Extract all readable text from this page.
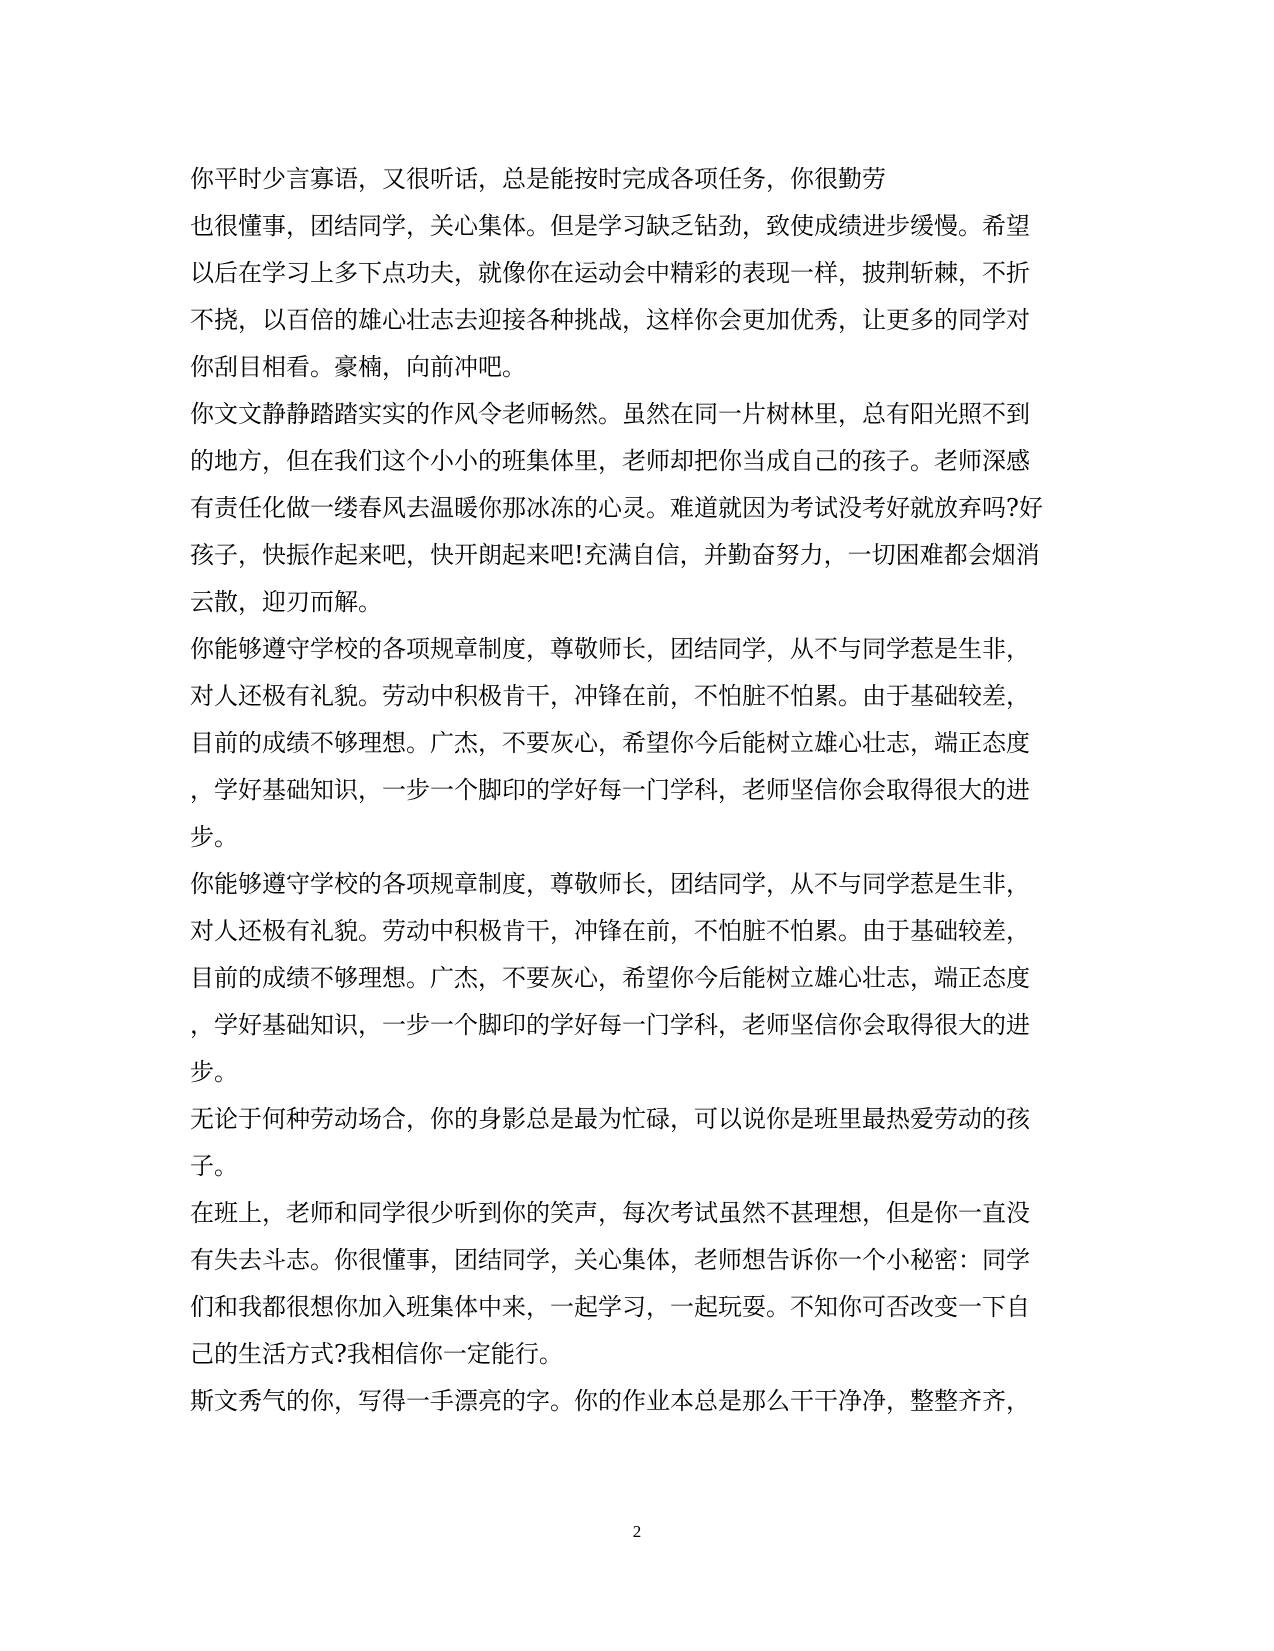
你平时少言寡语，又很听话，总是能按时完成各项任务，你很勤劳
也很懂事，团结同学，关心集体。但是学习缺乏钻劲，致使成绩进步缓慢。希望
以后在学习上多下点功夫，就像你在运动会中精彩的表现一样，披荆斩棘，不折
不挠，以百倍的雄心壮志去迎接各种挑战，这样你会更加优秀，让更多的同学对
你刮目相看。豪楠，向前冲吧。
你文文静静踏踏实实的作风令老师畅然。虽然在同一片树林里，总有阳光照不到
的地方，但在我们这个小小的班集体里，老师却把你当成自己的孩子。老师深感
有责任化做一缕春风去温暖你那冰冻的心灵。难道就因为考试没考好就放弃吗?好
孩子，快振作起来吧，快开朗起来吧!充满自信，并勤奋努力，一切困难都会烟消
云散，迎刃而解。
你能够遵守学校的各项规章制度，尊敬师长，团结同学，从不与同学惹是生非，
对人还极有礼貌。劳动中积极肯干，冲锋在前，不怕脏不怕累。由于基础较差，
目前的成绩不够理想。广杰，不要灰心，希望你今后能树立雄心壮志，端正态度
，学好基础知识，一步一个脚印的学好每一门学科，老师坚信你会取得很大的进
步。
你能够遵守学校的各项规章制度，尊敬师长，团结同学，从不与同学惹是生非，
对人还极有礼貌。劳动中积极肯干，冲锋在前，不怕脏不怕累。由于基础较差，
目前的成绩不够理想。广杰，不要灰心，希望你今后能树立雄心壮志，端正态度
，学好基础知识，一步一个脚印的学好每一门学科，老师坚信你会取得很大的进
步。
无论于何种劳动场合，你的身影总是最为忙碌，可以说你是班里最热爱劳动的孩
子。
在班上，老师和同学很少听到你的笑声，每次考试虽然不甚理想，但是你一直没
有失去斗志。你很懂事，团结同学，关心集体，老师想告诉你一个小秘密：同学
们和我都很想你加入班集体中来，一起学习，一起玩耍。不知你可否改变一下自
己的生活方式?我相信你一定能行。
斯文秀气的你，写得一手漂亮的字。你的作业本总是那么干干净净，整整齐齐，
2
